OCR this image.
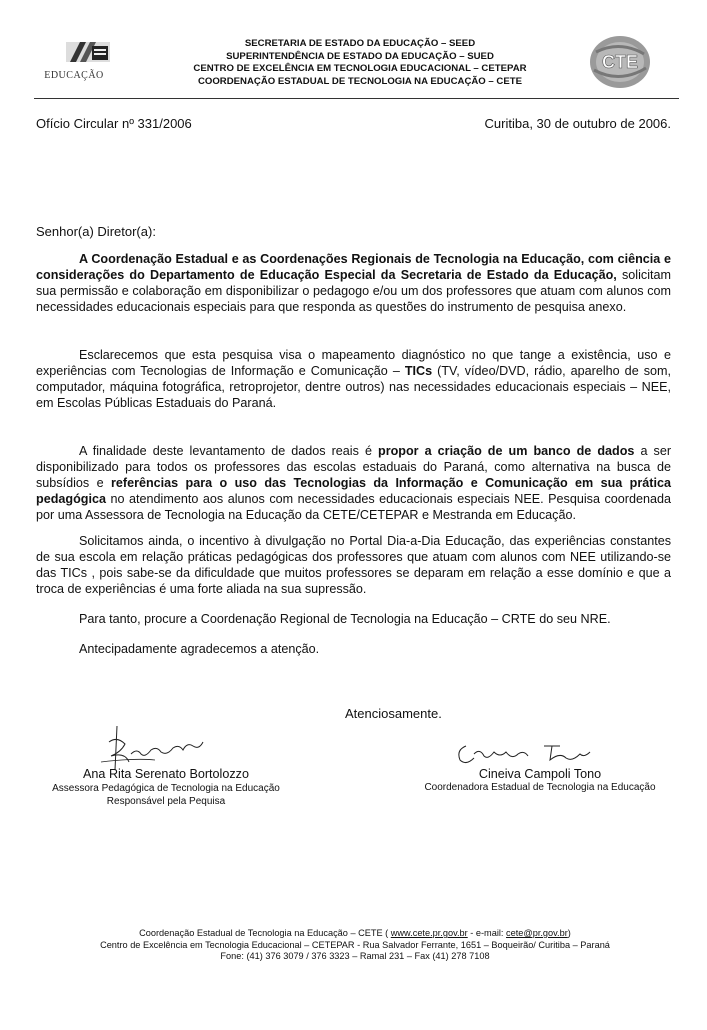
EDUCAÇÃO
SECRETARIA DE ESTADO DA EDUCAÇÃO – SEED
SUPERINTENDÊNCIA DE ESTADO DA EDUCAÇÃO – SUED
CENTRO DE EXCELÊNCIA EM TECNOLOGIA EDUCACIONAL – CETEPAR
COORDENAÇÃO ESTADUAL DE TECNOLOGIA NA EDUCAÇÃO – CETE
CTE
Ofício Circular nº 331/2006	Curitiba, 30 de outubro de 2006.
Senhor(a) Diretor(a):

A Coordenação Estadual e as Coordenações Regionais de Tecnologia na Educação, com ciência e considerações do Departamento de Educação Especial da Secretaria de Estado da Educação, solicitam sua permissão e colaboração em disponibilizar o pedagogo e/ou um dos professores que atuam com alunos com necessidades educacionais especiais para que responda as questões do instrumento de pesquisa anexo.

Esclarecemos que esta pesquisa visa o mapeamento diagnóstico no que tange a existência, uso e experiências com Tecnologias de Informação e Comunicação – TICs (TV, vídeo/DVD, rádio, aparelho de som, computador, máquina fotográfica, retroprojetor, dentre outros) nas necessidades educacionais especiais – NEE, em Escolas Públicas Estaduais do Paraná.

A finalidade deste levantamento de dados reais é propor a criação de um banco de dados a ser disponibilizado para todos os professores das escolas estaduais do Paraná, como alternativa na busca de subsídios e referências para o uso das Tecnologias da Informação e Comunicação em sua prática pedagógica no atendimento aos alunos com necessidades educacionais especiais NEE. Pesquisa coordenada por uma Assessora de Tecnologia na Educação da CETE/CETEPAR e Mestranda em Educação.

Solicitamos ainda, o incentivo à divulgação no Portal Dia-a-Dia Educação, das experiências constantes de sua escola em relação práticas pedagógicas dos professores que atuam com alunos com NEE utilizando-se das TICs , pois sabe-se da dificuldade que muitos professores se deparam em relação a esse domínio e que a troca de experiências é uma forte aliada na sua supressão.

Para tanto, procure a Coordenação Regional de Tecnologia na Educação – CRTE do seu NRE.

Antecipadamente agradecemos a atenção.

Atenciosamente.
Ana Rita Serenato Bortolozzo
Assessora Pedagógica de Tecnologia na Educação
Responsável pela Pequisa
Cineiva Campoli Tono
Coordenadora Estadual de Tecnologia na Educação
Coordenação Estadual de Tecnologia na Educação – CETE ( www.cete.pr.gov.br - e-mail: cete@pr.gov.br)
Centro de Excelência em Tecnologia Educacional – CETEPAR - Rua Salvador Ferrante, 1651 – Boqueirão/ Curitiba – Paraná
Fone: (41) 376 3079 / 376 3323 – Ramal 231 – Fax (41) 278 7108
